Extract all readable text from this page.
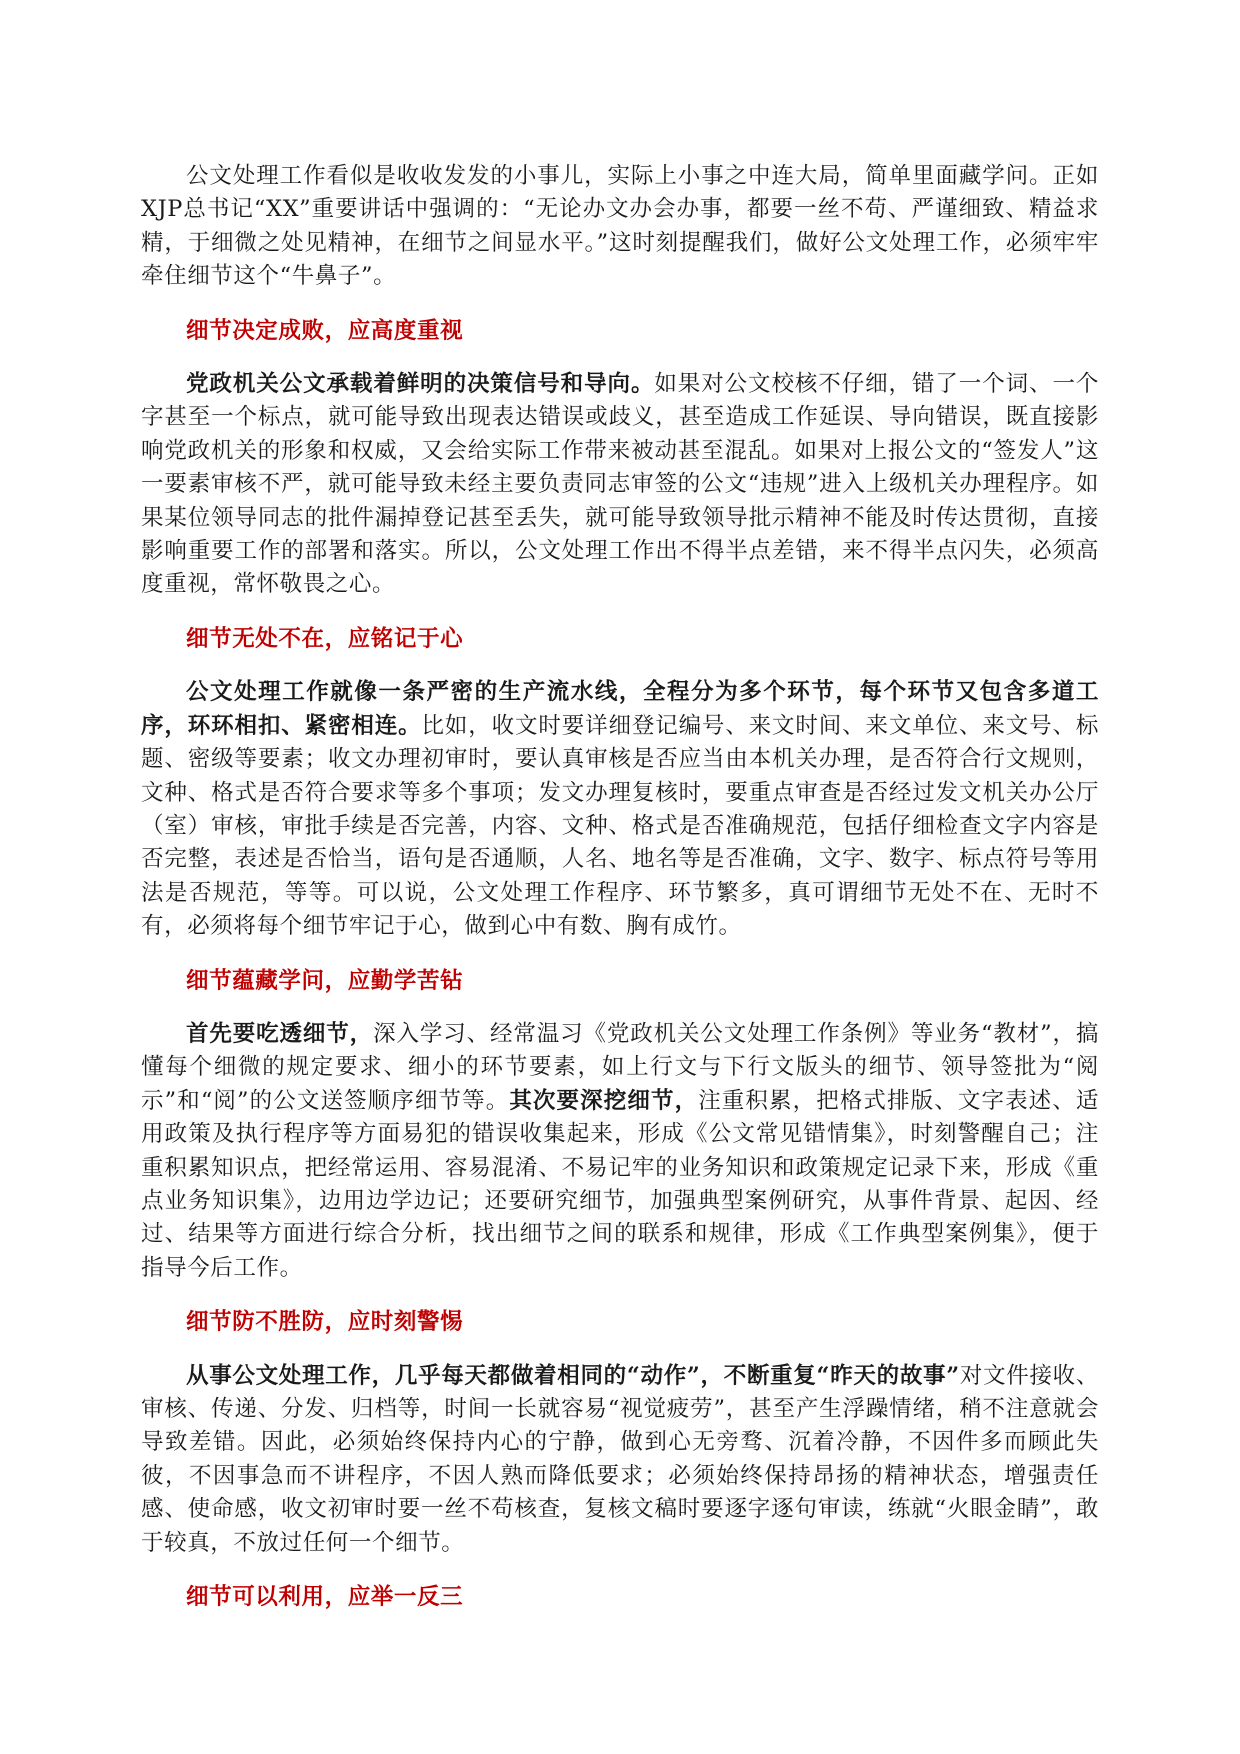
公文处理工作看似是收收发发的小事儿，实际上小事之中连大局，简单里面藏学问。正如XJP总书记“XX”重要讲话中强调的：“无论办文办会办事，都要一丝不苟、严谨细致、精益求精，于细微之处见精神，在细节之间显水平。”这时刻提醒我们，做好公文处理工作，必须牢牢牵住细节这个“牛鼻子”。

细节决定成败，应高度重视

党政机关公文承载着鲜明的决策信号和导向。如果对公文校核不仔细，错了一个词、一个字甚至一个标点，就可能导致出现表达错误或歧义，甚至造成工作延误、导向错误，既直接影响党政机关的形象和权威，又会给实际工作带来被动甚至混乱。如果对上报公文的“签发人”这一要素审核不严，就可能导致未经主要负责同志审签的公文“违规”进入上级机关办理程序。如果某位领导同志的批件漏掉登记甚至丢失，就可能导致领导批示精神不能及时传达贯彻，直接影响重要工作的部署和落实。所以，公文处理工作出不得半点差错，来不得半点闪失，必须高度重视，常怀敬畏之心。

细节无处不在，应铭记于心

公文处理工作就像一条严密的生产流水线，全程分为多个环节，每个环节又包含多道工序，环环相扣、紧密相连。比如，收文时要详细登记编号、来文时间、来文单位、来文号、标题、密级等要素；收文办理初审时，要认真审核是否应当由本机关办理，是否符合行文规则，文种、格式是否符合要求等多个事项；发文办理复核时，要重点审查是否经过发文机关办公厅（室）审核，审批手续是否完善，内容、文种、格式是否准确规范，包括仔细检查文字内容是否完整，表述是否恰当，语句是否通顺，人名、地名等是否准确，文字、数字、标点符号等用法是否规范，等等。可以说，公文处理工作程序、环节繁多，真可谓细节无处不在、无时不有，必须将每个细节牢记于心，做到心中有数、胸有成竹。

细节蕴藏学问，应勤学苦钻

首先要吃透细节，深入学习、经常温习《党政机关公文处理工作条例》等业务“教材”，搞懂每个细微的规定要求、细小的环节要素，如上行文与下行文版头的细节、领导签批为“阅示”和“阅”的公文送签顺序细节等。其次要深挖细节，注重积累，把格式排版、文字表述、适用政策及执行程序等方面易犯的错误收集起来，形成《公文常见错情集》，时刻警醒自己；注重积累知识点，把经常运用、容易混淆、不易记牢的业务知识和政策规定记录下来，形成《重点业务知识集》，边用边学边记；还要研究细节，加强典型案例研究，从事件背景、起因、经过、结果等方面进行综合分析，找出细节之间的联系和规律，形成《工作典型案例集》，便于指导今后工作。

细节防不胜防，应时刻警惕

从事公文处理工作，几乎每天都做着相同的“动作”，不断重复“昨天的故事”对文件接收、审核、传递、分发、归档等，时间一长就容易“视觉疲劳”，甚至产生浮躁情绪，稍不注意就会导致差错。因此，必须始终保持内心的宁静，做到心无旁骛、沉着冷静，不因件多而顾此失彼，不因事急而不讲程序，不因人熟而降低要求；必须始终保持昂扬的精神状态，增强责任感、使命感，收文初审时要一丝不苟核查，复核文稿时要逐字逐句审读，练就“火眼金睛”，敢于较真，不放过任何一个细节。

细节可以利用，应举一反三
